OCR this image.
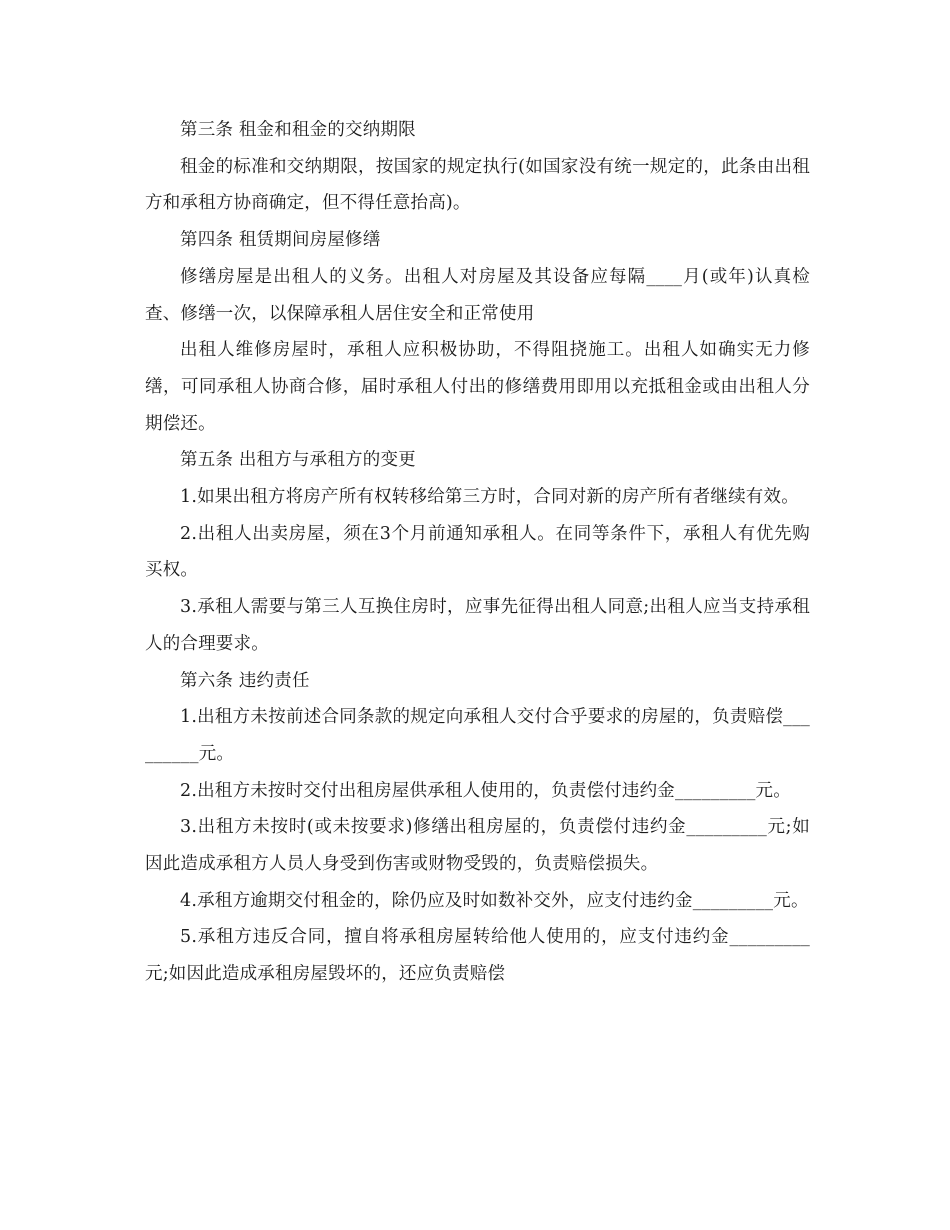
第三条 租金和租金的交纳期限

租金的标准和交纳期限，按国家的规定执行(如国家没有统一规定的，此条由出租方和承租方协商确定，但不得任意抬高)。

第四条 租赁期间房屋修缮

修缮房屋是出租人的义务。出租人对房屋及其设备应每隔____月(或年)认真检查、修缮一次，以保障承租人居住安全和正常使用

出租人维修房屋时，承租人应积极协助，不得阻挠施工。出租人如确实无力修缮，可同承租人协商合修，届时承租人付出的修缮费用即用以充抵租金或由出租人分期偿还。

第五条 出租方与承租方的变更

1.如果出租方将房产所有权转移给第三方时，合同对新的房产所有者继续有效。

2.出租人出卖房屋，须在3个月前通知承租人。在同等条件下，承租人有优先购买权。

3.承租人需要与第三人互换住房时，应事先征得出租人同意;出租人应当支持承租人的合理要求。

第六条 违约责任

1.出租方未按前述合同条款的规定向承租人交付合乎要求的房屋的，负责赔偿_________元。

2.出租方未按时交付出租房屋供承租人使用的，负责偿付违约金_________元。

3.出租方未按时(或未按要求)修缮出租房屋的，负责偿付违约金_________元;如因此造成承租方人员人身受到伤害或财物受毁的，负责赔偿损失。

4.承租方逾期交付租金的，除仍应及时如数补交外，应支付违约金_________元。

5.承租方违反合同，擅自将承租房屋转给他人使用的，应支付违约金_________元;如因此造成承租房屋毁坏的，还应负责赔偿
